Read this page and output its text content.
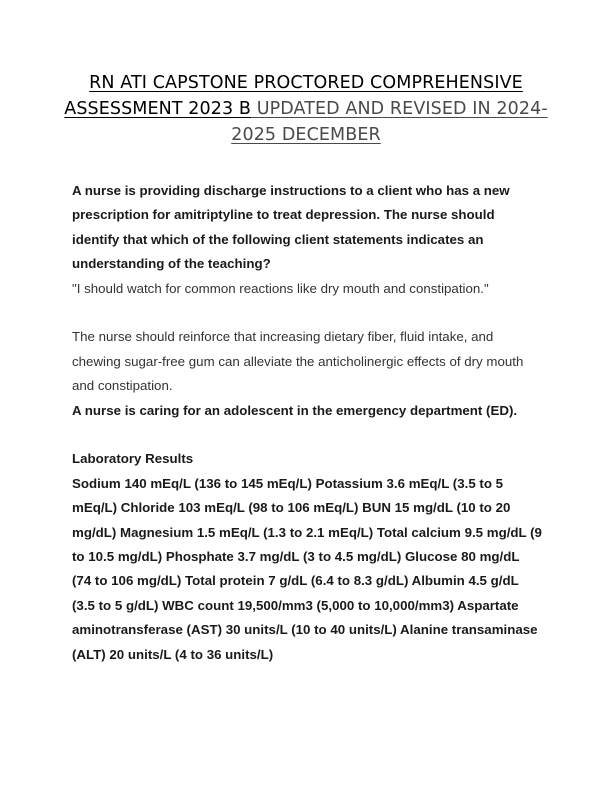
RN ATI CAPSTONE PROCTORED COMPREHENSIVE ASSESSMENT 2023 B UPDATED AND REVISED IN 2024-2025 DECEMBER

A nurse is providing discharge instructions to a client who has a new prescription for amitriptyline to treat depression. The nurse should identify that which of the following client statements indicates an understanding of the teaching?

"I should watch for common reactions like dry mouth and constipation."

The nurse should reinforce that increasing dietary fiber, fluid intake, and chewing sugar-free gum can alleviate the anticholinergic effects of dry mouth and constipation.

A nurse is caring for an adolescent in the emergency department (ED).

Laboratory Results

Sodium 140 mEq/L (136 to 145 mEq/L) Potassium 3.6 mEq/L (3.5 to 5 mEq/L) Chloride 103 mEq/L (98 to 106 mEq/L) BUN 15 mg/dL (10 to 20 mg/dL) Magnesium 1.5 mEq/L (1.3 to 2.1 mEq/L) Total calcium 9.5 mg/dL (9 to 10.5 mg/dL) Phosphate 3.7 mg/dL (3 to 4.5 mg/dL) Glucose 80 mg/dL (74 to 106 mg/dL) Total protein 7 g/dL (6.4 to 8.3 g/dL) Albumin 4.5 g/dL (3.5 to 5 g/dL) WBC count 19,500/mm3 (5,000 to 10,000/mm3) Aspartate aminotransferase (AST) 30 units/L (10 to 40 units/L) Alanine transaminase (ALT) 20 units/L (4 to 36 units/L)
